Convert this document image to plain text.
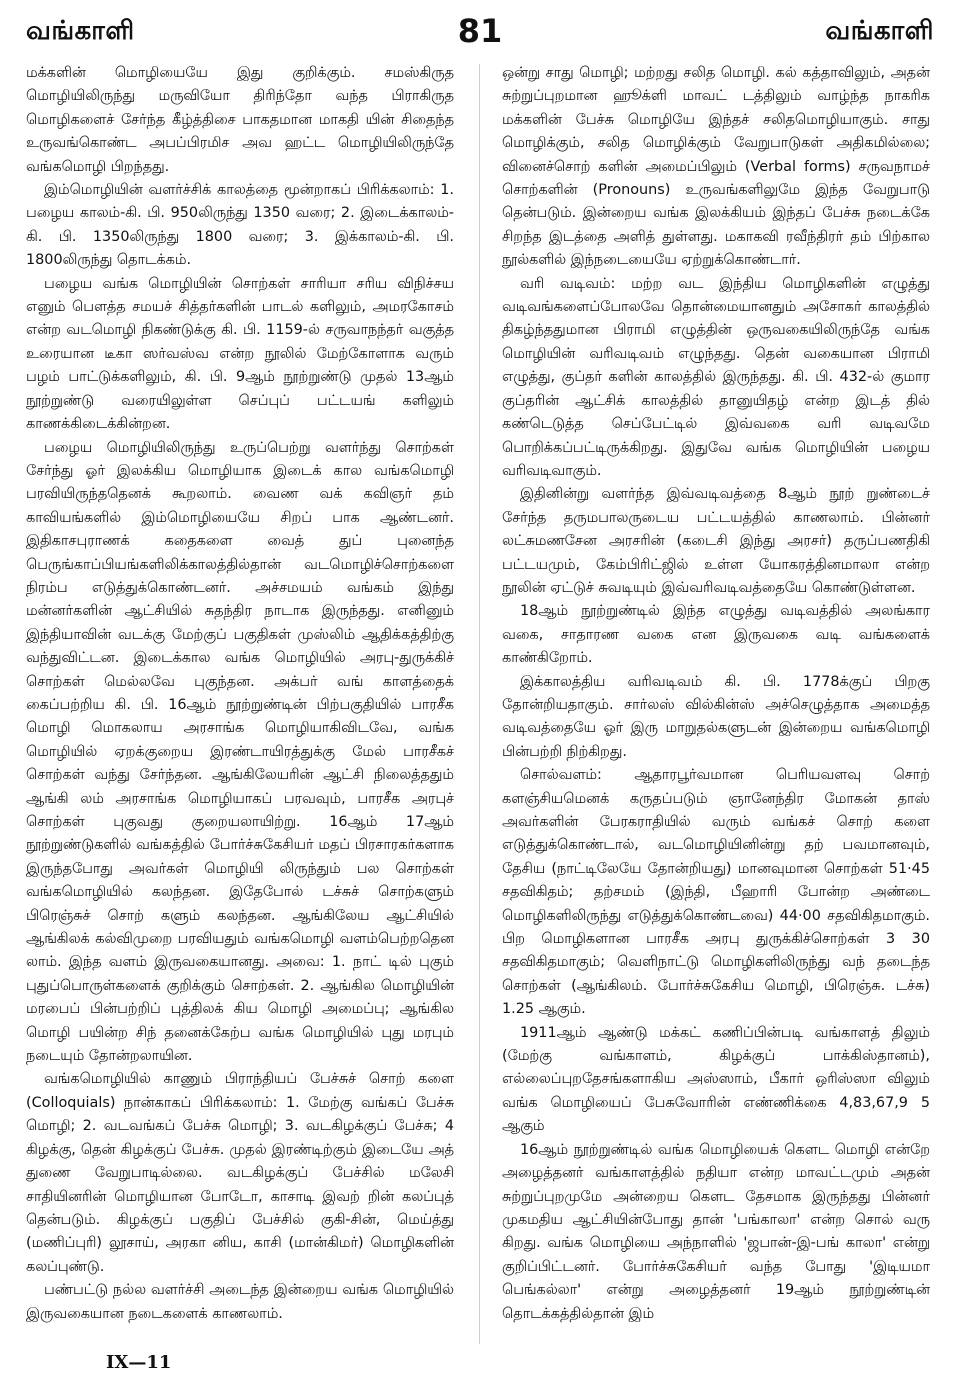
வங்காளி	81	வங்காளி

மக்களின் மொழியையே இது குறிக்கும். சமஸ்கிருத மொழியிலிருந்து மருவியோ திரிந்தோ வந்த பிராகிருத மொழிகளைச் சேர்ந்த கீழ்த்திசை பாகதமான மாகதி யின் சிதைந்த உருவங்கொண்ட அபப்பிரமிச அவ ஹட்ட மொழியிலிருந்தே வங்கமொழி பிறந்தது.

இம்மொழியின் வளர்ச்சிக் காலத்தை மூன்றாகப் பிரிக்கலாம்: 1. பழைய காலம்-கி. பி. 950லிருந்து 1350 வரை; 2. இடைக்காலம்-கி. பி. 1350லிருந்து 1800 வரை; 3. இக்காலம்-கி. பி. 1800லிருந்து தொடக்கம்.

பழைய வங்க மொழியின் சொற்கள் சாரியா சரிய விநிச்சய எனும் பௌத்த சமயச் சித்தர்களின் பாடல் களிலும், அமரகோசம் என்ற வடமொழி நிகண்டுக்கு கி. பி. 1159-ல் சருவாநந்தர் வகுத்த உரையான டீகா ஸர்வஸ்வ என்ற நூலில் மேற்கோளாக வரும் பழம் பாட்டுக்களிலும், கி. பி. 9ஆம் நூற்றுண்டு முதல் 13ஆம் நூற்றுண்டு வரையிலுள்ள செப்புப் பட்டயங் களிலும் காணக்கிடைக்கின்றன.

பழைய மொழியிலிருந்து உருப்பெற்று வளர்ந்து சொற்கள் சேர்ந்து ஓர் இலக்கிய மொழியாக இடைக் கால வங்கமொழி பரவியிருந்ததெனக் கூறலாம். வைண வக் கவிஞர் தம் காவியங்களில் இம்மொழியையே சிறப் பாக ஆண்டனர். இதிகாசபுராணக் கதைகளை வைத் துப் புனைந்த பெருங்காப்பியங்களிலிக்காலத்தில்தான் வடமொழிச்சொற்களை நிரம்ப எடுத்துக்கொண்டனர். அச்சமயம் வங்கம் இந்து மன்னர்களின் ஆட்சியில் சுதந்திர நாடாக இருந்தது. எனினும் இந்தியாவின் வடக்கு மேற்குப் பகுதிகள் முஸ்லிம் ஆதிக்கத்திற்கு வந்துவிட்டன. இடைக்கால வங்க மொழியில் அரபு-துருக்கிச் சொற்கள் மெல்லவே புகுந்தன. அக்பர் வங் காளத்தைக் கைப்பற்றிய கி. பி. 16ஆம் நூற்றுண்டின் பிற்பகுதியில் பாரசீக மொழி மொகலாய அரசாங்க மொழியாகிவிடவே, வங்க மொழியில் ஏறக்குறைய இரண்டாயிரத்துக்கு மேல் பாரசீகச் சொற்கள் வந்து சேர்ந்தன. ஆங்கிலேயரின் ஆட்சி நிலைத்ததும் ஆங்கி லம் அரசாங்க மொழியாகப் பரவவும், பாரசீக அரபுச் சொற்கள் புகுவது குறையலாயிற்று. 16ஆம் 17ஆம் நூற்றுண்டுகளில் வங்கத்தில் போர்ச்சுகேசியர் மதப் பிரசாரகர்களாக இருந்தபோது அவர்கள் மொழியி லிருந்தும் பல சொற்கள் வங்கமொழியில் கலந்தன. இதேபோல் டச்சுச் சொற்களும் பிரெஞ்சுச் சொற் களும் கலந்தன. ஆங்கிலேய ஆட்சியில் ஆங்கிலக் கல்விமுறை பரவியதும் வங்கமொழி வளம்பெற்றதென லாம். இந்த வளம் இருவகையானது. அவை: 1. நாட் டில் புகும் புதுப்பொருள்களைக் குறிக்கும் சொற்கள். 2. ஆங்கில மொழியின் மரபைப் பின்பற்றிப் புத்திலக் கிய மொழி அமைப்பு; ஆங்கில மொழி பயின்ற சிந் தனைக்கேற்ப வங்க மொழியில் புது மரபும் நடையும் தோன்றலாயின.

வங்கமொழியில் காணும் பிராந்தியப் பேச்சுச் சொற் களை (Colloquials) நான்காகப் பிரிக்கலாம்: 1. மேற்கு வங்கப் பேச்சு மொழி; 2. வடவங்கப் பேச்சு மொழி; 3. வடகிழக்குப் பேச்சு; 4 கிழக்கு, தென் கிழக்குப் பேச்சு. முதல் இரண்டிற்கும் இடையே அத் துணை வேறுபாடில்லை. வடகிழக்குப் பேச்சில் மலேசி சாதியினரின் மொழியான போடோ, காசாடி இவற் றின் கலப்புத் தென்படும். கிழக்குப் பகுதிப் பேச்சில் குகி-சின், மெய்த்து (மணிப்புரி) லூசாய், அரகா னிய, காசி (மான்கிமர்) மொழிகளின் கலப்புண்டு.

பண்பட்டு நல்ல வளர்ச்சி அடைந்த இன்றைய வங்க மொழியில் இருவகையான நடைகளைக் காணலாம்.

ஒன்று சாது மொழி; மற்றது சலித மொழி. கல் கத்தாவிலும், அதன் சுற்றுப்புறமான ஹூக்ளி மாவட் டத்திலும் வாழ்ந்த நாகரிக மக்களின் பேச்சு மொழியே இந்தச் சலிதமொழியாகும். சாது மொழிக்கும், சலித மொழிக்கும் வேறுபாடுகள் அதிகமில்லை; வினைச்சொற் களின் அமைப்பிலும் (Verbal forms) சருவநாமச் சொற்களின் (Pronouns) உருவங்களிலுமே இந்த வேறுபாடு தென்படும். இன்றைய வங்க இலக்கியம் இந்தப் பேச்சு நடைக்கே சிறந்த இடத்தை அளித் துள்ளது. மகாகவி ரவீந்திரர் தம் பிற்கால நூல்களில் இந்நடையையே ஏற்றுக்கொண்டார்.

வரி வடிவம்: மற்ற வட இந்திய மொழிகளின் எழுத்து வடிவங்களைப்போலவே தொன்மையானதும் அசோகர் காலத்தில் திகழ்ந்ததுமான பிராமி எழுத்தின் ஒருவகையிலிருந்தே வங்க மொழியின் வரிவடிவம் எழுந்தது. தென் வகையான பிராமி எழுத்து, குப்தர் களின் காலத்தில் இருந்தது. கி. பி. 432-ல் குமார குப்தரின் ஆட்சிக் காலத்தில் தானுயிதழ் என்ற இடத் தில் கண்டெடுத்த செப்பேட்டில் இவ்வகை வரி வடிவமே பொறிக்கப்பட்டிருக்கிறது. இதுவே வங்க மொழியின் பழைய வரிவடிவாகும்.

இதினின்று வளர்ந்த இவ்வடிவத்தை 8ஆம் நூற் றுண்டைச் சேர்ந்த தருமபாலருடைய பட்டயத்தில் காணலாம். பின்னர் லட்சுமணசேன அரசரின் (கடைசி இந்து அரசர்) தருப்பணதிகி பட்டயமும், கேம்பிரிட்ஜில் உள்ள யோகரத்தினமாலா என்ற நூலின் ஏட்டுச் சுவடியும் இவ்வரிவடிவத்தையே கொண்டுள்ளன.

18ஆம் நூற்றுண்டில் இந்த எழுத்து வடிவத்தில் அலங்கார வகை, சாதாரண வகை என இருவகை வடி வங்களைக் காண்கிறோம்.

இக்காலத்திய வரிவடிவம் கி. பி. 1778க்குப் பிறகு தோன்றியதாகும். சார்லஸ் வில்கின்ஸ் அச்செழுத்தாக அமைத்த வடிவத்தையே ஓர் இரு மாறுதல்களுடன் இன்றைய வங்கமொழி பின்பற்றி நிற்கிறது.

சொல்வளம்: ஆதாரபூர்வமான பெரியவளவு சொற் களஞ்சியமெனக் கருதப்படும் ஞானேந்திர மோகன் தாஸ் அவர்களின் பேரகராதியில் வரும் வங்கச் சொற் களை எடுத்துக்கொண்டால், வடமொழியினின்று தற் பவமானவும், தேசிய (நாட்டிலேயே தோன்றியது) மானவுமான சொற்கள் 51·45 சதவிகிதம்; தற்சமம் (இந்தி, பீஹாரி போன்ற அண்டை மொழிகளிலிருந்து எடுத்துக்கொண்டவை) 44·00 சதவிகிதமாகும். பிற மொழிகளான பாரசீக அரபு துருக்கிச்சொற்கள் 3 30 சதவிகிதமாகும்; வெளிநாட்டு மொழிகளிலிருந்து வந் தடைந்த சொற்கள் (ஆங்கிலம். போர்ச்சுகேசிய மொழி, பிரெஞ்சு. டச்சு) 1.25 ஆகும்.

1911ஆம் ஆண்டு மக்கட் கணிப்பின்படி வங்காளத் திலும் (மேற்கு வங்காளம், கிழக்குப் பாக்கிஸ்தானம்), எல்லைப்புறதேசங்களாகிய அஸ்ஸாம், பீகார் ஒரிஸ்ஸா விலும் வங்க மொழியைப் பேசுவோரின் எண்ணிக்கை 4,83,67,9 5 ஆகும்

16ஆம் நூற்றுண்டில் வங்க மொழியைக் கௌட மொழி என்றே அழைத்தனர் வங்காளத்தில் நதியா என்ற மாவட்டமும் அதன் சுற்றுப்புறமுமே அன்றைய கௌட தேசமாக இருந்தது பின்னர் முகமதிய ஆட்சியின்போது தான் 'பங்காலா' என்ற சொல் வரு கிறது. வங்க மொழியை அந்நாளில் 'ஜபான்-இ-பங் காலா' என்று குறிப்பிட்டனர். போர்ச்சுகேசியர் வந்த போது 'இடியமா பெங்கல்லா' என்று அழைத்தனர் 19ஆம் நூற்றுண்டின் தொடக்கத்தில்தான் இம்

IX—11
